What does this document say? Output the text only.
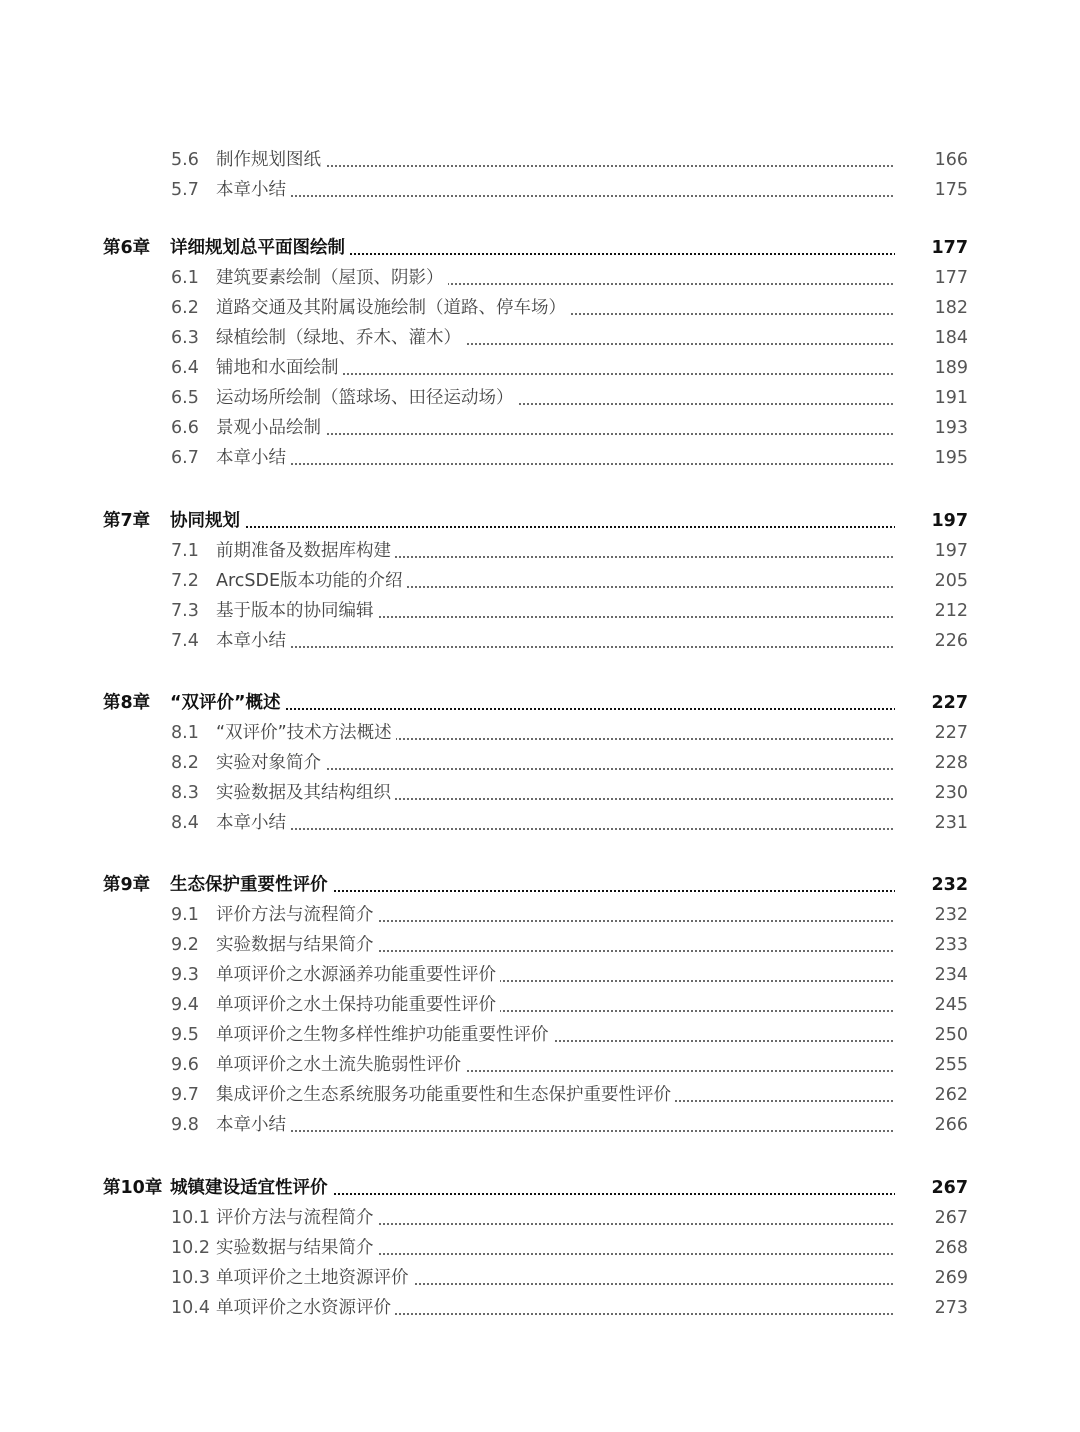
5.6 制作规划图纸	166
5.7 本章小结	175
第6章 详细规划总平面图绘制	177
6.1 建筑要素绘制（屋顶、阴影）	177
6.2 道路交通及其附属设施绘制（道路、停车场）	182
6.3 绿植绘制（绿地、乔木、灌木）	184
6.4 铺地和水面绘制	189
6.5 运动场所绘制（篮球场、田径运动场）	191
6.6 景观小品绘制	193
6.7 本章小结	195
第7章 协同规划	197
7.1 前期准备及数据库构建	197
7.2 ArcSDE版本功能的介绍	205
7.3 基于版本的协同编辑	212
7.4 本章小结	226
第8章 “双评价”概述	227
8.1 “双评价”技术方法概述	227
8.2 实验对象简介	228
8.3 实验数据及其结构组织	230
8.4 本章小结	231
第9章 生态保护重要性评价	232
9.1 评价方法与流程简介	232
9.2 实验数据与结果简介	233
9.3 单项评价之水源涵养功能重要性评价	234
9.4 单项评价之水土保持功能重要性评价	245
9.5 单项评价之生物多样性维护功能重要性评价	250
9.6 单项评价之水土流失脆弱性评价	255
9.7 集成评价之生态系统服务功能重要性和生态保护重要性评价	262
9.8 本章小结	266
第10章 城镇建设适宜性评价	267
10.1 评价方法与流程简介	267
10.2 实验数据与结果简介	268
10.3 单项评价之土地资源评价	269
10.4 单项评价之水资源评价	273
